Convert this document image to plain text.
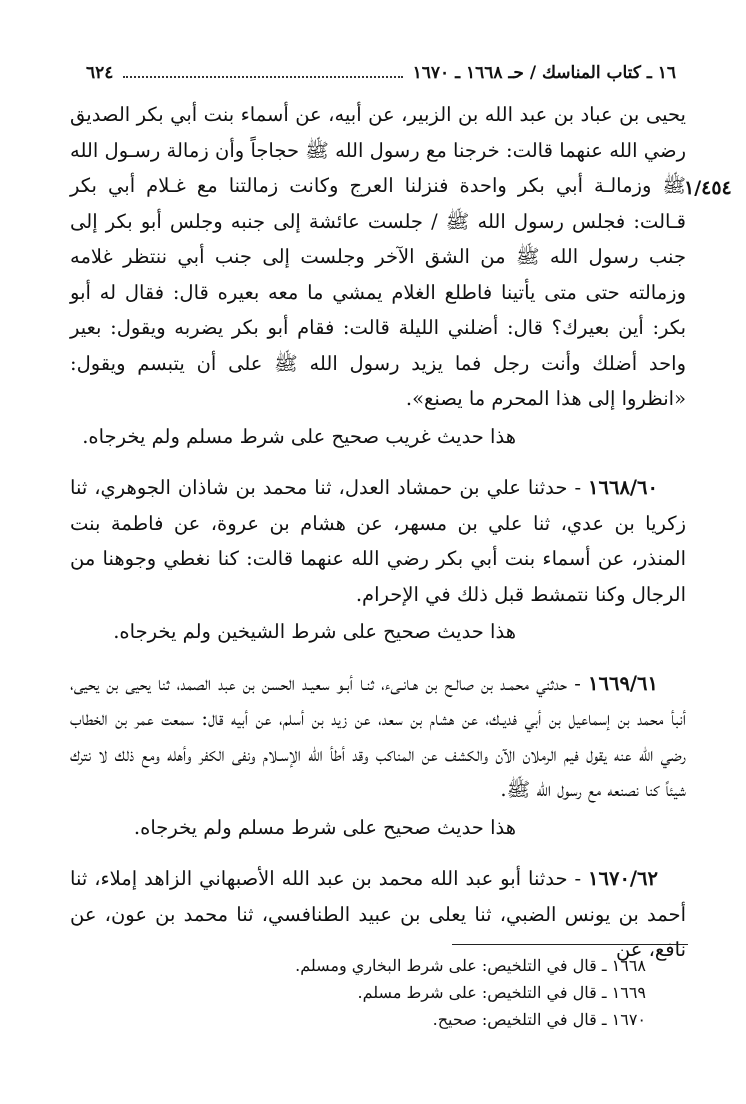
٦٢٤	١٦ ـ كتاب المناسك / حـ ١٦٦٨ ـ ١٦٧٠
١/٤٥٤

يحيى بن عباد بن عبد الله بن الزبير، عن أبيه، عن أسماء بنت أبي بكر الصديق رضي الله عنهما قالت: خرجنا مع رسول الله ﷺ حجاجاً وأن زمالة رسـول الله ﷺ وزمالـة أبي بكر واحدة فنزلنا العرج وكانت زمالتنا مع غـلام أبي بكر قـالت: فجلس رسول الله ﷺ / جلست عائشة إلى جنبه وجلس أبو بكر إلى جنب رسول الله ﷺ من الشق الآخر وجلست إلى جنب أبي ننتظر غلامه وزمالته حتى متى يأتينا فاطلع الغلام يمشي ما معه بعيره قال: فقال له أبو بكر: أين بعيرك؟ قال: أضلني الليلة قالت: فقام أبو بكر يضربه ويقول: بعير واحد أضلك وأنت رجل فما يزيد رسول الله ﷺ على أن يتبسم ويقول: «انظروا إلى هذا المحرم ما يصنع».

هذا حديث غريب صحيح على شرط مسلم ولم يخرجاه.

١٦٦٨/٦٠ - حدثنا علي بن حمشاد العدل، ثنا محمد بن شاذان الجوهري، ثنا زكريا بن عدي، ثنا علي بن مسهر، عن هشام بن عروة، عن فاطمة بنت المنذر، عن أسماء بنت أبي بكر رضي الله عنهما قالت: كنا نغطي وجوهنا من الرجال وكنا نتمشط قبل ذلك في الإحرام.

هذا حديث صحيح على شرط الشيخين ولم يخرجاه.

١٦٦٩/٦١ - حدثني محمـد بن صالـح بن هـانـىء، ثنـا أبـو سعيـد الحسن بن عبد الصمد، ثنا يحيى بن يحيى، أنبأ محمد بن إسماعيل بن أبي فديـك، عن هشام بن سعد، عن زيد بن أسلم، عن أبيه قال: سمعت عمر بن الخطاب رضي الله عنه يقول فيم الرملان الآن والكشف عن المناكب وقد أطأ الله الإسـلام ونفى الكفر وأهله ومع ذلك لا نترك شيئاً كنا نصنعه مع رسول الله ﷺ.

هذا حديث صحيح على شرط مسلم ولم يخرجاه.

١٦٧٠/٦٢ - حدثنا أبو عبد الله محمد بن عبد الله الأصبهاني الزاهد إملاء، ثنا أحمد بن يونس الضبي، ثنا يعلى بن عبيد الطنافسي، ثنا محمد بن عون، عن نافع، عن

١٦٦٨ ـ قال في التلخيص: على شرط البخاري ومسلم.

١٦٦٩ ـ قال في التلخيص: على شرط مسلم.

١٦٧٠ ـ قال في التلخيص: صحيح.
